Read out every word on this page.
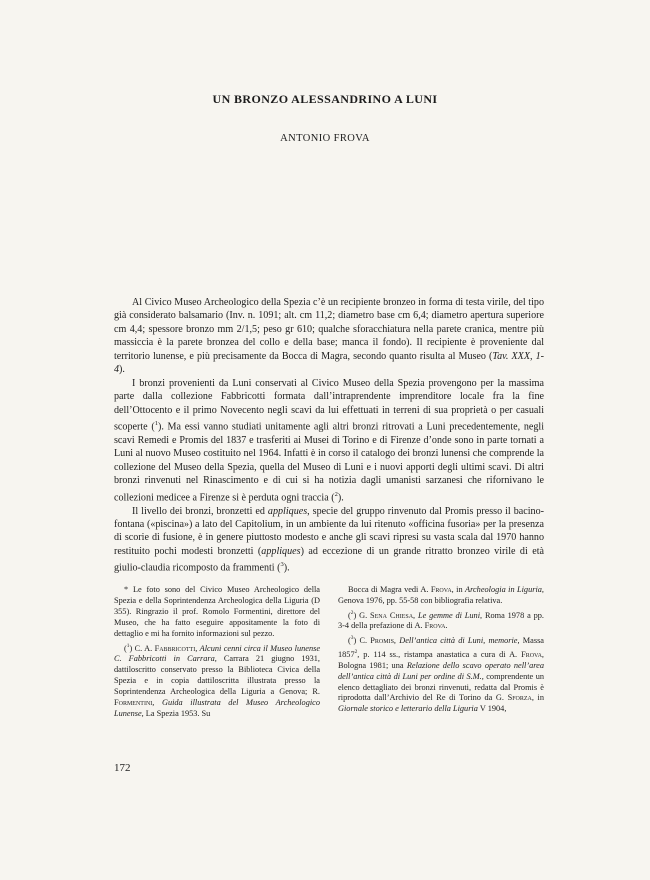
UN BRONZO ALESSANDRINO A LUNI
ANTONIO FROVA

Al Civico Museo Archeologico della Spezia c’è un recipiente bronzeo in forma di testa virile, del tipo già considerato balsamario (Inv. n. 1091; alt. cm 11,2; diametro base cm 6,4; diametro apertura superiore cm 4,4; spessore bronzo mm 2/1,5; peso gr 610; qualche sforacchiatura nella parete cranica, mentre più massiccia è la parete bronzea del collo e della base; manca il fondo). Il recipiente è proveniente dal territorio lunense, e più precisamente da Bocca di Magra, secondo quanto risulta al Museo (Tav. XXX, 1-4).

I bronzi provenienti da Luni conservati al Civico Museo della Spezia provengono per la massima parte dalla collezione Fabbricotti formata dall’intraprendente imprenditore locale fra la fine dell’Ottocento e il primo Novecento negli scavi da lui effettuati in terreni di sua proprietà o per casuali scoperte ($^1$). Ma essi vanno studiati unitamente agli altri bronzi ritrovati a Luni precedentemente, negli scavi Remedi e Promis del 1837 e trasferiti ai Musei di Torino e di Firenze d’onde sono in parte tornati a Luni al nuovo Museo costituito nel 1964. Infatti è in corso il catalogo dei bronzi lunensi che comprende la collezione del Museo della Spezia, quella del Museo di Luni e i nuovi apporti degli ultimi scavi. Di altri bronzi rinvenuti nel Rinascimento e di cui si ha notizia dagli umanisti sarzanesi che rifornivano le collezioni medicee a Firenze si è perduta ogni traccia ($^2$).

Il livello dei bronzi, bronzetti ed appliques, specie del gruppo rinvenuto dal Promis presso il bacino-fontana («piscina») a lato del Capitolium, in un ambiente da lui ritenuto «officina fusoria» per la presenza di scorie di fusione, è in genere piuttosto modesto e anche gli scavi ripresi su vasta scala dal 1970 hanno restituito pochi modesti bronzetti (appliques) ad eccezione di un grande ritratto bronzeo virile di età giulio-claudia ricomposto da frammenti ($^3$).

* Le foto sono del Civico Museo Archeologico della Spezia e della Soprintendenza Archeologica della Liguria (D 355). Ringrazio il prof. Romolo Formentini, direttore del Museo, che ha fatto eseguire appositamente la foto di dettaglio e mi ha fornito informazioni sul pezzo.

($^1$) C. A. Fabbricotti, Alcuni cenni circa il Museo lunense C. Fabbricotti in Carrara, Carrara 21 giugno 1931, dattiloscritto conservato presso la Biblioteca Civica della Spezia e in copia dattiloscritta illustrata presso la Soprintendenza Archeologica della Liguria a Genova; R. Formentini, Guida illustrata del Museo Archeologico Lunense, La Spezia 1953. Su

Bocca di Magra vedi A. Frova, in Archeologia in Liguria, Genova 1976, pp. 55-58 con bibliografia relativa.

($^2$) G. Sena Chiesa, Le gemme di Luni, Roma 1978 a pp. 3-4 della prefazione di A. Frova.

($^3$) C. Promis, Dell’antica città di Luni, memorie, Massa 1857$^2$, p. 114 ss., ristampa anastatica a cura di A. Frova, Bologna 1981; una Relazione dello scavo operato nell’area dell’antica città di Luni per ordine di S.M., comprendente un elenco dettagliato dei bronzi rinvenuti, redatta dal Promis è riprodotta dall’Archivio del Re di Torino da G. Sforza, in Giornale storico e letterario della Liguria V 1904,

172
